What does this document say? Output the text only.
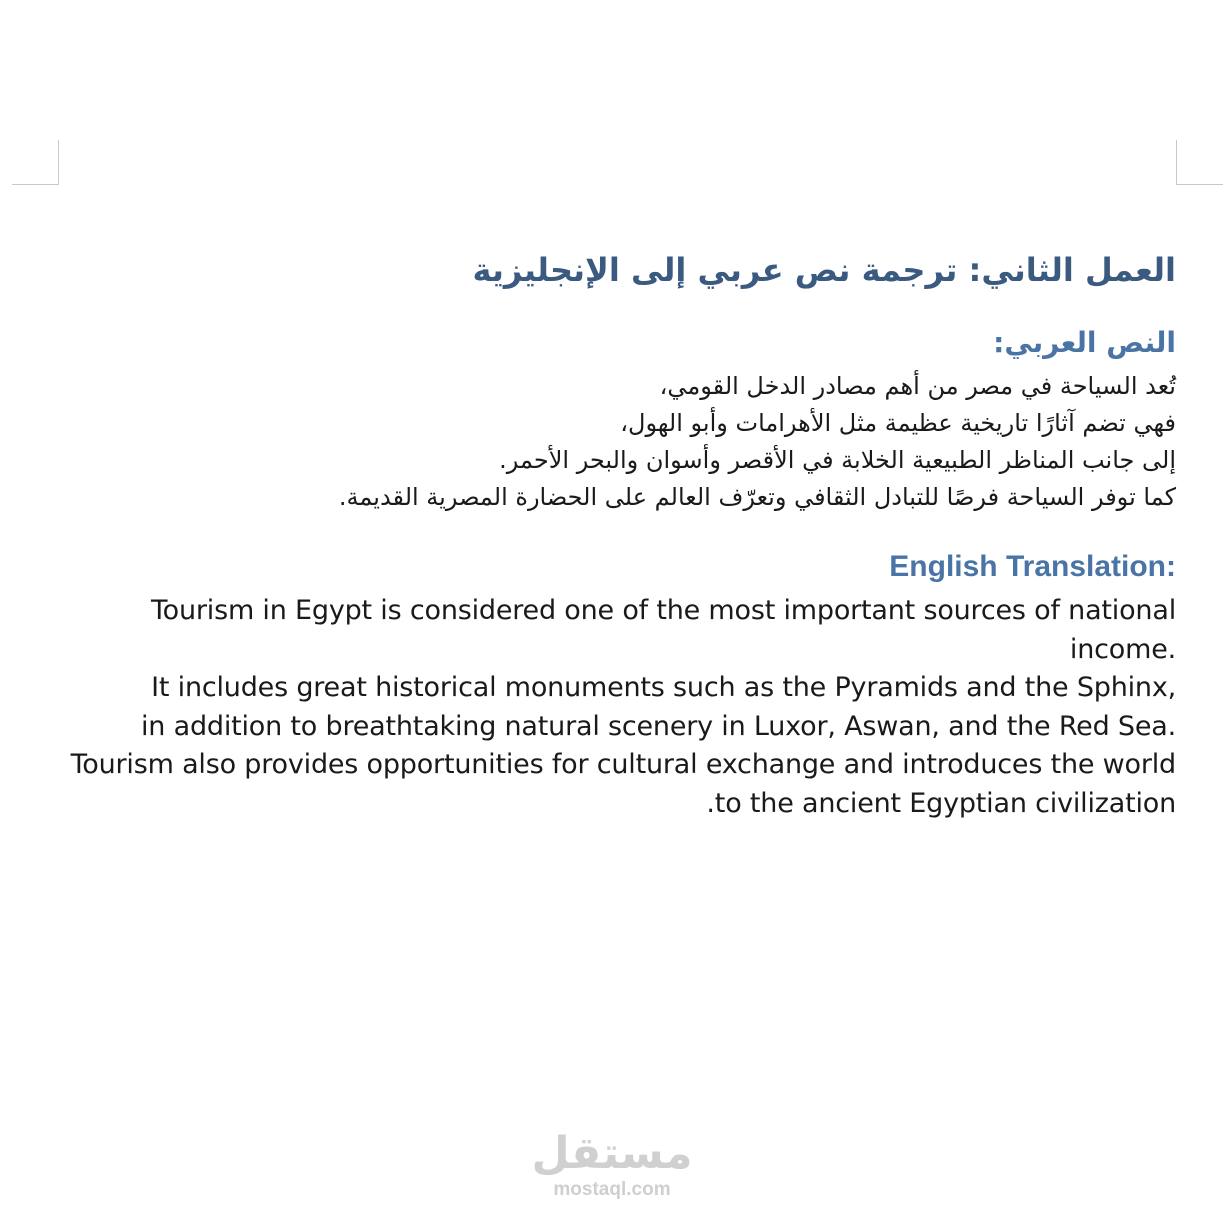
العمل الثاني: ترجمة نص عربي إلى الإنجليزية
النص العربي:
تُعد السياحة في مصر من أهم مصادر الدخل القومي،
فهي تضم آثارًا تاريخية عظيمة مثل الأهرامات وأبو الهول،
إلى جانب المناظر الطبيعية الخلابة في الأقصر وأسوان والبحر الأحمر.
كما توفر السياحة فرصًا للتبادل الثقافي وتعرّف العالم على الحضارة المصرية القديمة.
English Translation:
Tourism in Egypt is considered one of the most important sources of national
income.
It includes great historical monuments such as the Pyramids and the Sphinx,
in addition to breathtaking natural scenery in Luxor, Aswan, and the Red Sea.
Tourism also provides opportunities for cultural exchange and introduces the world
.to the ancient Egyptian civilization
مستقل
mostaql.com
